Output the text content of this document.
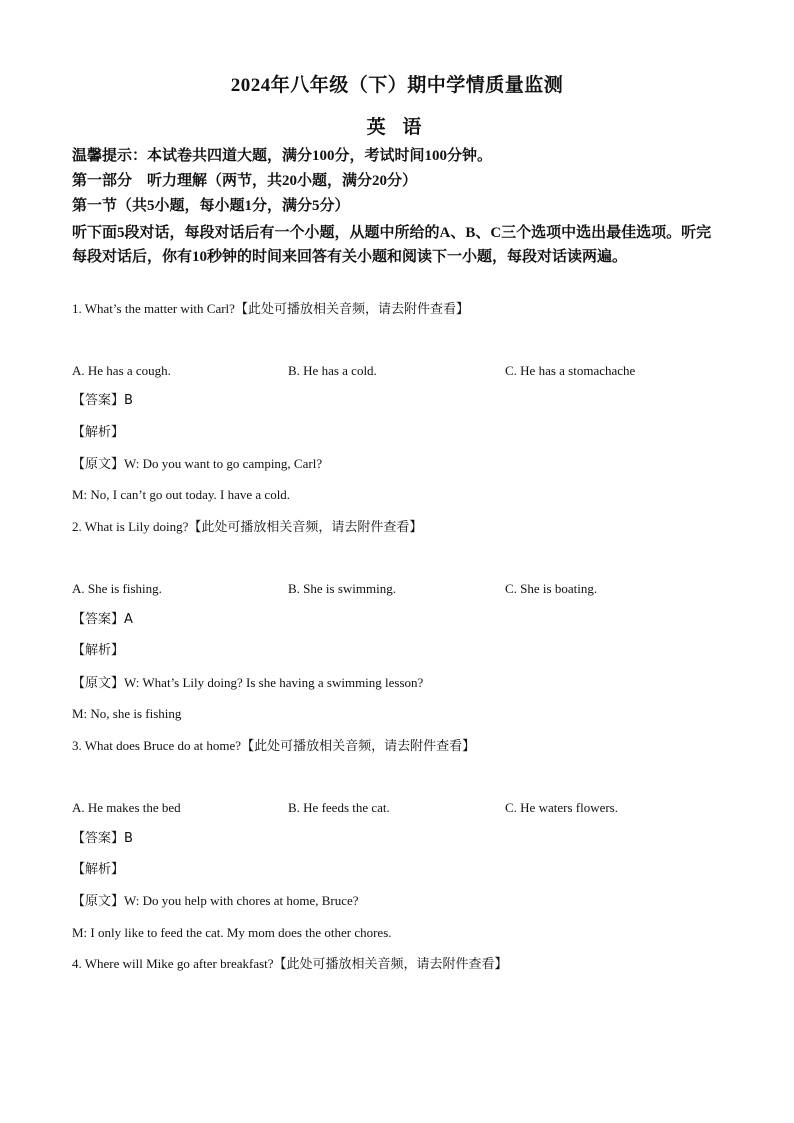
2024年八年级（下）期中学情质量监测
英 语
温馨提示：本试卷共四道大题，满分100分，考试时间100分钟。
第一部分　听力理解（两节，共20小题，满分20分）
第一节（共5小题，每小题1分，满分5分）
听下面5段对话，每段对话后有一个小题，从题中所给的A、B、C三个选项中选出最佳选项。听完每段对话后，你有10秒钟的时间来回答有关小题和阅读下一小题，每段对话读两遍。
1. What’s the matter with Carl?【此处可播放相关音频，请去附件查看】
A. He has a cough.	B. He has a cold.	C. He has a stomachache
【答案】B
【解析】
【原文】W: Do you want to go camping, Carl?
M: No, I can’t go out today. I have a cold.
2. What is Lily doing?【此处可播放相关音频，请去附件查看】
A. She is fishing.	B. She is swimming.	C. She is boating.
【答案】A
【解析】
【原文】W: What’s Lily doing? Is she having a swimming lesson?
M: No, she is fishing
3. What does Bruce do at home?【此处可播放相关音频，请去附件查看】
A. He makes the bed	B. He feeds the cat.	C. He waters flowers.
【答案】B
【解析】
【原文】W: Do you help with chores at home, Bruce?
M: I only like to feed the cat. My mom does the other chores.
4. Where will Mike go after breakfast?【此处可播放相关音频，请去附件查看】
